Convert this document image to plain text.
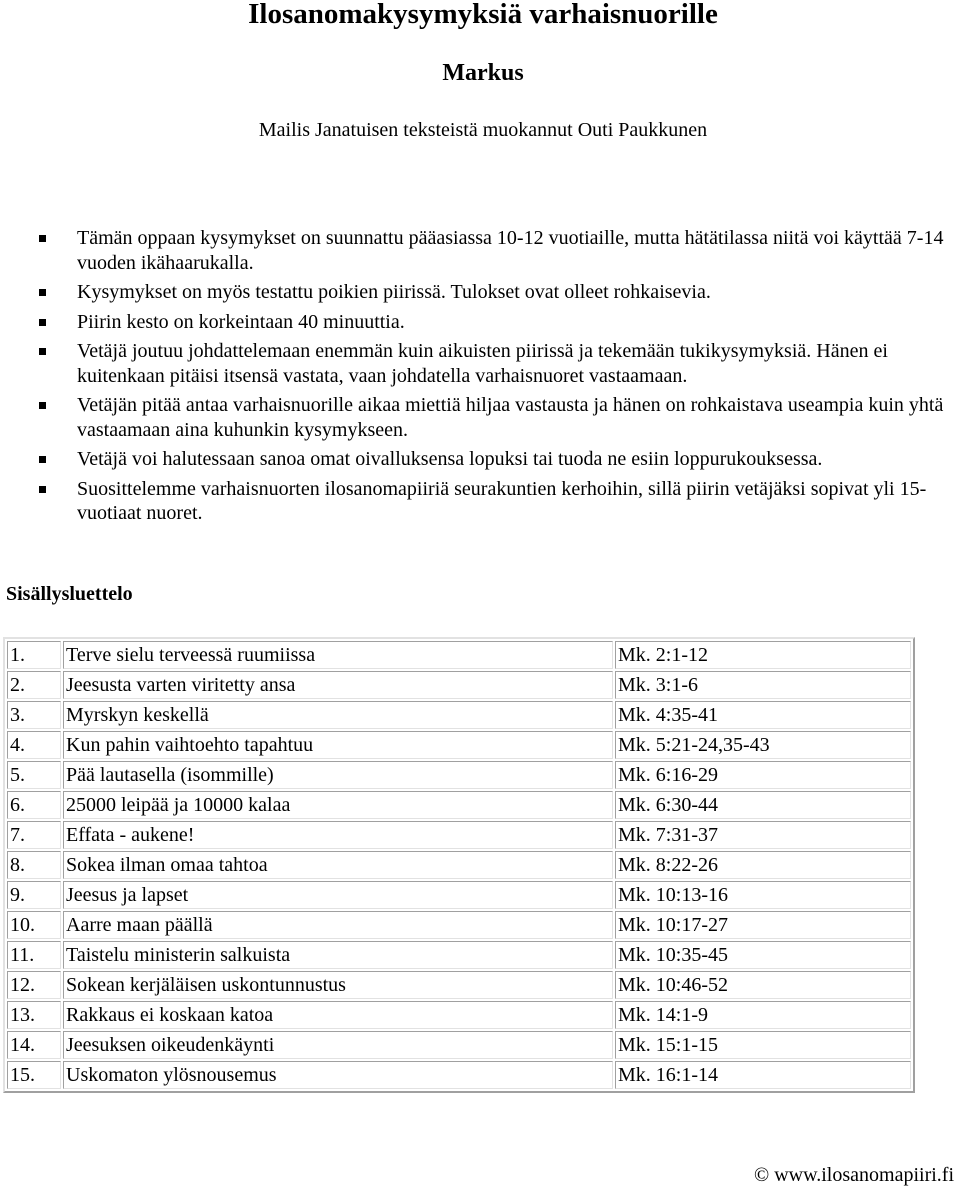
Ilosanomakysymyksiä varhaisnuorille
Markus
Mailis Janatuisen teksteistä muokannut Outi Paukkunen
Tämän oppaan kysymykset on suunnattu pääasiassa 10-12 vuotiaille, mutta hätätilassa niitä voi käyttää 7-14 vuoden ikähaarukalla.
Kysymykset on myös testattu poikien piirissä. Tulokset ovat olleet rohkaisevia.
Piirin kesto on korkeintaan 40 minuuttia.
Vetäjä joutuu johdattelemaan enemmän kuin aikuisten piirissä ja tekemään tukikysymyksiä. Hänen ei kuitenkaan pitäisi itsensä vastata, vaan johdatella varhaisnuoret vastaamaan.
Vetäjän pitää antaa varhaisnuorille aikaa miettiä hiljaa vastausta ja hänen on rohkaistava useampia kuin yhtä vastaamaan aina kuhunkin kysymykseen.
Vetäjä voi halutessaan sanoa omat oivalluksensa lopuksi tai tuoda ne esiin loppurukouksessa.
Suosittelemme varhaisnuorten ilosanomapiiriä seurakuntien kerhoihin, sillä piirin vetäjäksi sopivat yli 15-vuotiaat nuoret.
Sisällysluettelo
1.	Terve sielu terveessä ruumiissa	Mk. 2:1-12
2.	Jeesusta varten viritetty ansa	Mk. 3:1-6
3.	Myrskyn keskellä	Mk. 4:35-41
4.	Kun pahin vaihtoehto tapahtuu	Mk. 5:21-24,35-43
5.	Pää lautasella (isommille)	Mk. 6:16-29
6.	25000 leipää ja 10000 kalaa	Mk. 6:30-44
7.	Effata - aukene!	Mk. 7:31-37
8.	Sokea ilman omaa tahtoa	Mk. 8:22-26
9.	Jeesus ja lapset	Mk. 10:13-16
10.	Aarre maan päällä	Mk. 10:17-27
11.	Taistelu ministerin salkuista	Mk. 10:35-45
12.	Sokean kerjäläisen uskontunnustus	Mk. 10:46-52
13.	Rakkaus ei koskaan katoa	Mk. 14:1-9
14.	Jeesuksen oikeudenkäynti	Mk. 15:1-15
15.	Uskomaton ylösnousemus	Mk. 16:1-14
© www.ilosanomapiiri.fi
